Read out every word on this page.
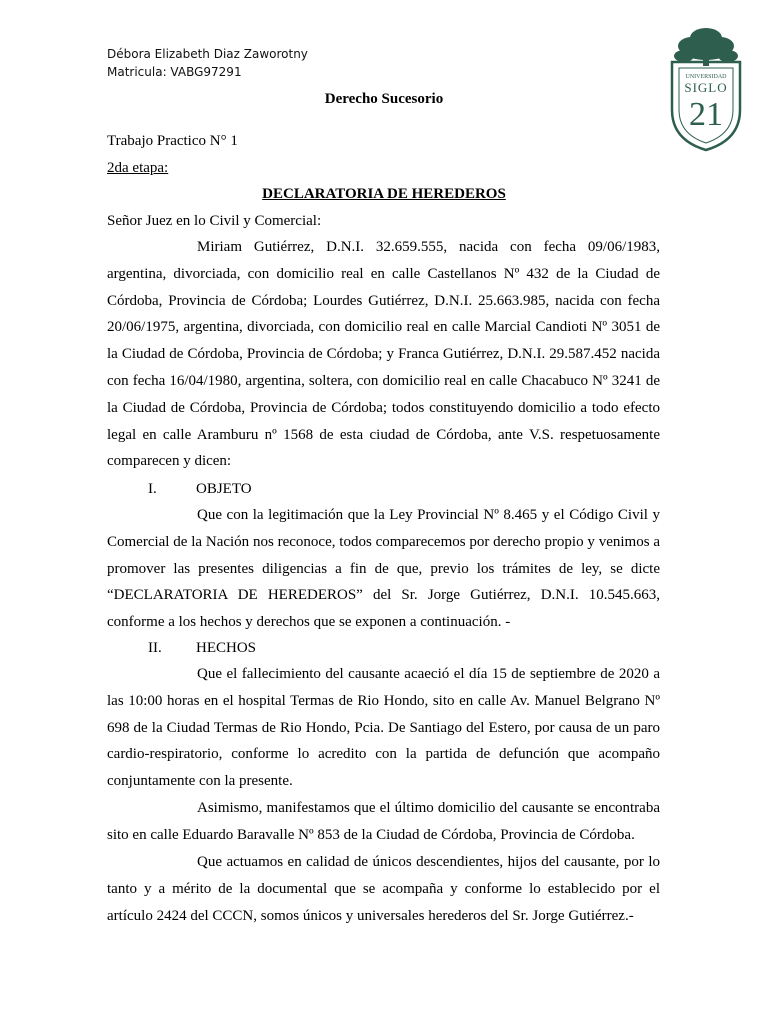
Débora Elizabeth Diaz Zaworotny
Matricula: VABG97291	UNIVERSIDAD
SIGLO
21
Derecho Sucesorio
Trabajo Practico N° 1
2da etapa:
DECLARATORIA DE HEREDEROS
Señor Juez en lo Civil y Comercial:

Miriam Gutiérrez, D.N.I. 32.659.555, nacida con fecha 09/06/1983, argentina, divorciada, con domicilio real en calle Castellanos Nº 432 de la Ciudad de Córdoba, Provincia de Córdoba; Lourdes Gutiérrez, D.N.I. 25.663.985, nacida con fecha 20/06/1975, argentina, divorciada, con domicilio real en calle Marcial Candioti Nº 3051 de la Ciudad de Córdoba, Provincia de Córdoba; y Franca Gutiérrez, D.N.I. 29.587.452 nacida con fecha 16/04/1980, argentina, soltera, con domicilio real en calle Chacabuco Nº 3241 de la Ciudad de Córdoba, Provincia de Córdoba; todos constituyendo domicilio a todo efecto legal en calle Aramburu nº 1568 de esta ciudad de Córdoba, ante V.S. respetuosamente comparecen y dicen:

I.	OBJETO

Que con la legitimación que la Ley Provincial Nº 8.465 y el Código Civil y Comercial de la Nación nos reconoce, todos comparecemos por derecho propio y venimos a promover las presentes diligencias a fin de que, previo los trámites de ley, se dicte “DECLARATORIA DE HEREDEROS” del Sr. Jorge Gutiérrez, D.N.I. 10.545.663, conforme a los hechos y derechos que se exponen a continuación. -

II. HECHOS

Que el fallecimiento del causante acaeció el día 15 de septiembre de 2020 a las 10:00 horas en el hospital Termas de Rio Hondo, sito en calle Av. Manuel Belgrano Nº 698 de la Ciudad Termas de Rio Hondo, Pcia. De Santiago del Estero, por causa de un paro cardio-respiratorio, conforme lo acredito con la partida de defunción que acompaño conjuntamente con la presente.

Asimismo, manifestamos que el último domicilio del causante se encontraba sito en calle Eduardo Baravalle Nº 853 de la Ciudad de Córdoba, Provincia de Córdoba.

Que actuamos en calidad de únicos descendientes, hijos del causante, por lo tanto y a mérito de la documental que se acompaña y conforme lo establecido por el artículo 2424 del CCCN, somos únicos y universales herederos del Sr. Jorge Gutiérrez.-
